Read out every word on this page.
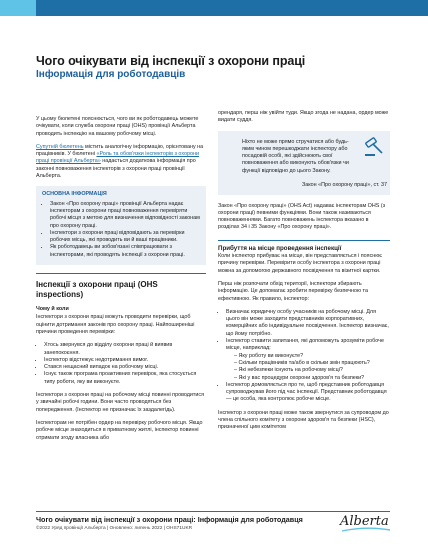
Чого очікувати від інспекції з охорони праці
Інформація для роботодавців

У цьому бюлетені пояснюється, чого ви як роботодавець можете очікувати, коли служба охорони праці (OHS) провінції Альберта проводить інспекцію на вашому робочому місці.

Супутній бюлетень містить аналогічну інформацію, орієнтовану на працівників. У бюлетені «Роль та обов'язки інспекторів з охорони праці провінції Альберта» надається додаткова інформація про законні повноваження інспекторів з охорони праці провінції Альберта.

ОСНОВНА ІНФОРМАЦІЯ
• Закон «Про охорону праці» провінції Альберта надає інспекторам з охорони праці повноваження перевіряти робочі місця з метою для визначення відповідності законам про охорону праці.
• Інспектори з охорони праці відповідають за перевірки робочих місць, які проводить ви й ваші працівники.
• Як роботодавець ви зобов'язані співпрацювати з інспекторами, які проводять інспекції з охорони праці.
Інспекції з охорони праці (OHS inspections)
Чому й коли

Інспектори з охорони праці можуть проводити перевірки, щоб оцінити дотримання законів про охорону праці. Найпоширеніші причини проведення перевірки:

• Хтось звернувся до відділу охорони праці й виявив занепокоєння.
• Інспектор відстежує недотримання вимог.
• Стався нещасний випадок на робочому місці.
• Існує також програма проактивних перевірок, яка стосується типу роботи, яку ви виконуєте.

Інспектори з охорони праці на робочому місці повинні проводитися у звичайні робочі години. Вони часто проводяться без попередження. (Інспектор не призначає їх заздалегідь).

Інспекторам не потрібен ордер на перевірку робочого місця. Якщо робоче місце знаходиться в приватному житлі, інспектор повинні отримати згоду власника або

орендаря, перш ніж увійти туди. Якщо згода не надана, ордер може видати суддя.

Ніхто не може прямо стручатися або будь-яким чином перешкоджати інспектору або посадовій особі, які здійснюють свої повноваження або виконують обов'язки чи функції відповідно до цього Закону.
Закон «Про охорону праці», ст. 37

Закон «Про охорону праці» (OHS Act) надаває інспекторам OHS (з охорони праці) певними функціями. Вони також називаються повноваженнями. Багато повноважень інспектора вказано в розділах 34 і 35 Закону «Про охорону праці».

Прибуття на місце проведення інспекції

Коли інспектор прибуває на місце, він представляється і пояснює причину перевірки. Перевірити особу інспектора з охорони праці можна за допомогою державного посвідчення та візитної картки.

Перш ніж розпочати обхід території, інспектори збирають інформацію. Це допомагає зробити перевірку безпечною та ефективною. Як правило, інспектор:

• Визначає юридичну особу учасників на робочому місці. Для цього він може заходити представників корпоративних, комерційних або індивідуальне посвідчення. Інспектор визначає, що йому потрібно.
• Інспектор ставити запитання, які допоможуть зрозуміти робоче місце, наприклад:
– Яку роботу ви виконуєте?
– Скільки працівників та/або в скільки змін працюють?
– Які небезпеки існують на робочому місці?
– Які у вас процедури охорони здоров'я та безпеки?
• Інспектор домовляється про те, щоб представник роботодавця супроводжував його під час інспекції. Представник роботодавця — це особа, яка контролює робоче місце.

Інспектор з охорони праці може також звернутися за супроводом до члена спільного комітету з охорони здоров'я та безпеки (HSC), призначеної цим комітетом

Чого очікувати від інспекції з охорони праці: Інформація для роботодавця
©2022 Уряд провінції Альберта | Оновлено: липень 2022 | OHS71UKR	Alberta
